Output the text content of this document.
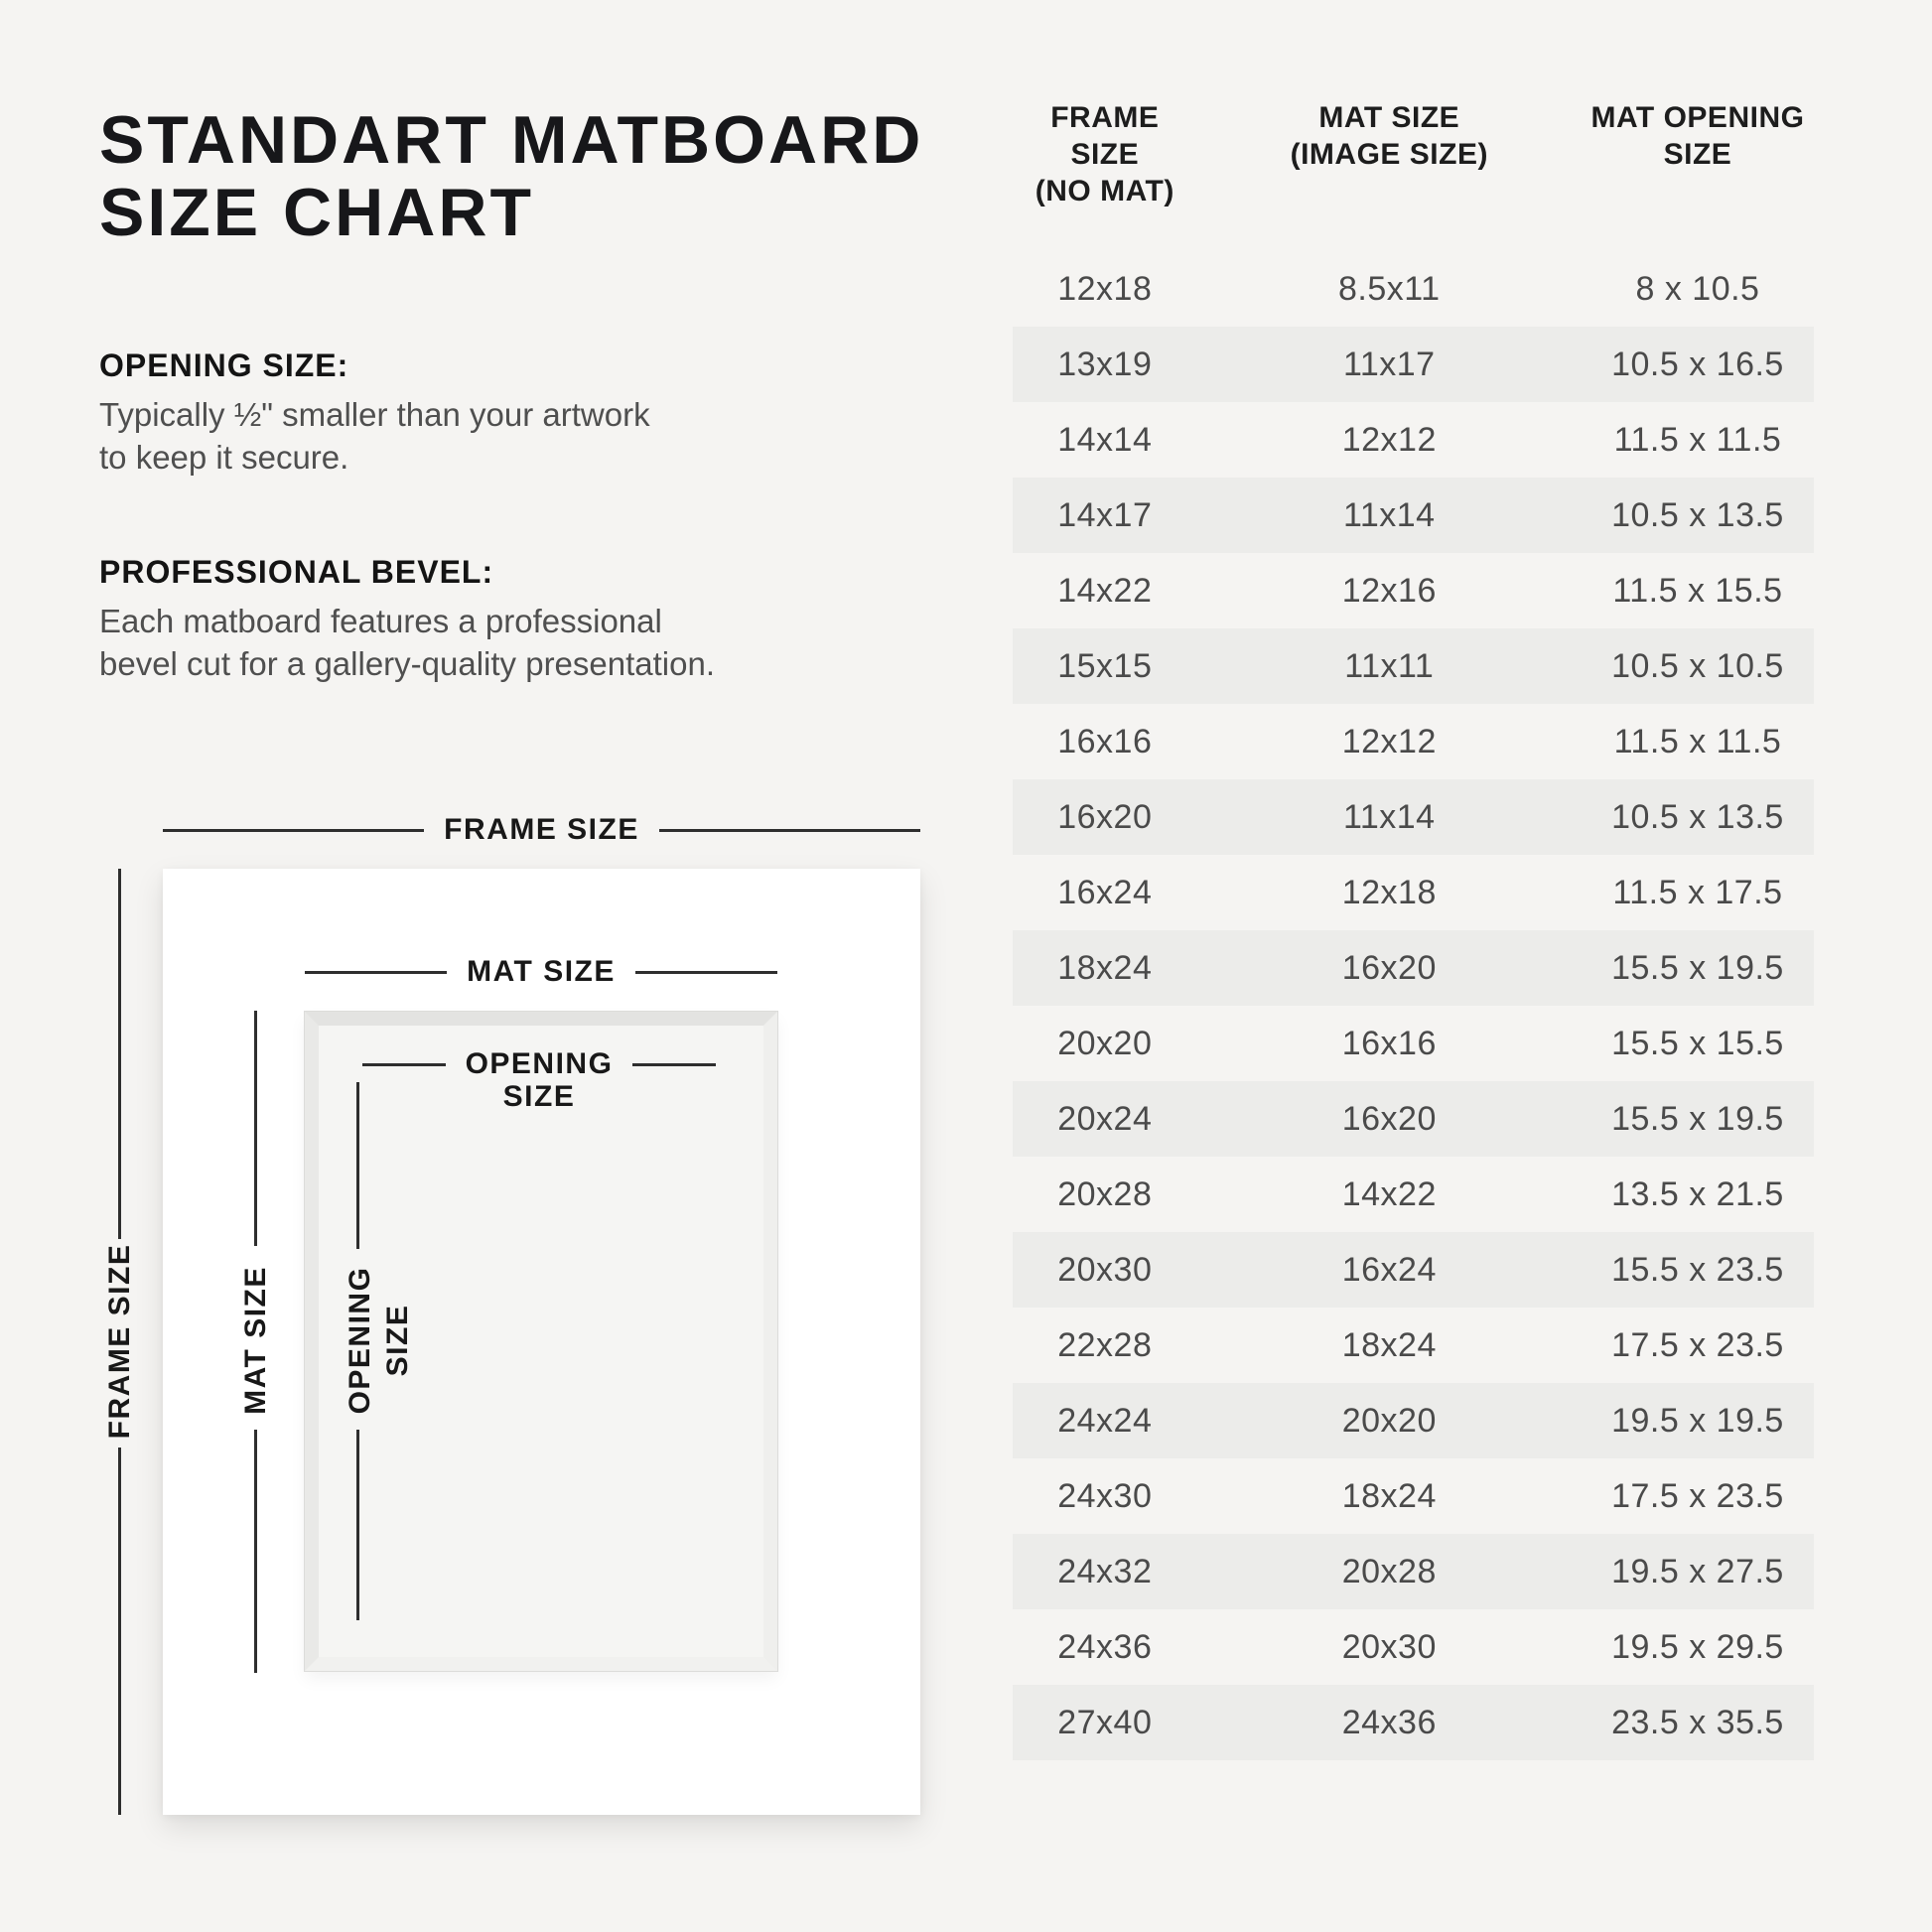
STANDART MATBOARD
SIZE CHART
OPENING SIZE:
Typically ½" smaller than your artwork
to keep it secure.
PROFESSIONAL BEVEL:
Each matboard features a professional
bevel cut for a gallery-quality presentation.
FRAME SIZE
MAT SIZE
OPENING
SIZE
FRAME SIZE	MAT SIZE OPENING SIZE
FRAME SIZE
(NO MAT)
MAT SIZE
(IMAGE SIZE)
MAT OPENING
SIZE
12x18	8.5x11	8 x 10.5
13x19	11x17	10.5 x 16.5
14x14	12x12	11.5 x 11.5
14x17	11x14	10.5 x 13.5
14x22	12x16	11.5 x 15.5
15x15	11x11	10.5 x 10.5
16x16	12x12	11.5 x 11.5
16x20	11x14	10.5 x 13.5
16x24	12x18	11.5 x 17.5
18x24	16x20	15.5 x 19.5
20x20	16x16	15.5 x 15.5
20x24	16x20	15.5 x 19.5
20x28	14x22	13.5 x 21.5
20x30	16x24	15.5 x 23.5
22x28	18x24	17.5 x 23.5
24x24	20x20	19.5 x 19.5
24x30	18x24	17.5 x 23.5
24x32	20x28	19.5 x 27.5
24x36	20x30	19.5 x 29.5
27x40	24x36	23.5 x 35.5
